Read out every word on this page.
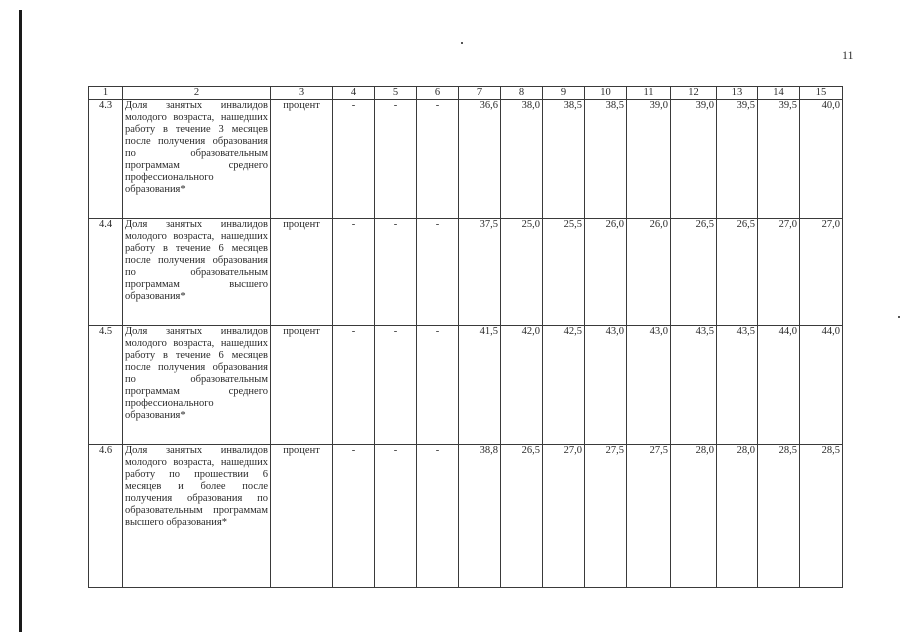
11
1	2	3	4	5	6	7	8	9	10	11	12	13	14	15
4.3	Доля занятых инвалидов молодого возраста, нашедших работу в течение 3 месяцев после получения образования по образовательным программам среднего профессионального образования*	процент	-	-	-	36,6	38,0	38,5	38,5	39,0	39,0	39,5	39,5	40,0
4.4	Доля занятых инвалидов молодого возраста, нашедших работу в течение 6 месяцев после получения образования по образовательным программам высшего образования*	процент	-	-	-	37,5	25,0	25,5	26,0	26,0	26,5	26,5	27,0	27,0
4.5	Доля занятых инвалидов молодого возраста, нашедших работу в течение 6 месяцев после получения образования по образовательным программам среднего профессионального образования*	процент	-	-	-	41,5	42,0	42,5	43,0	43,0	43,5	43,5	44,0	44,0
4.6	Доля занятых инвалидов молодого возраста, нашедших работу по прошествии 6 месяцев и более после получения образования по образовательным программам высшего образования*	процент	-	-	-	38,8	26,5	27,0	27,5	27,5	28,0	28,0	28,5	28,5
